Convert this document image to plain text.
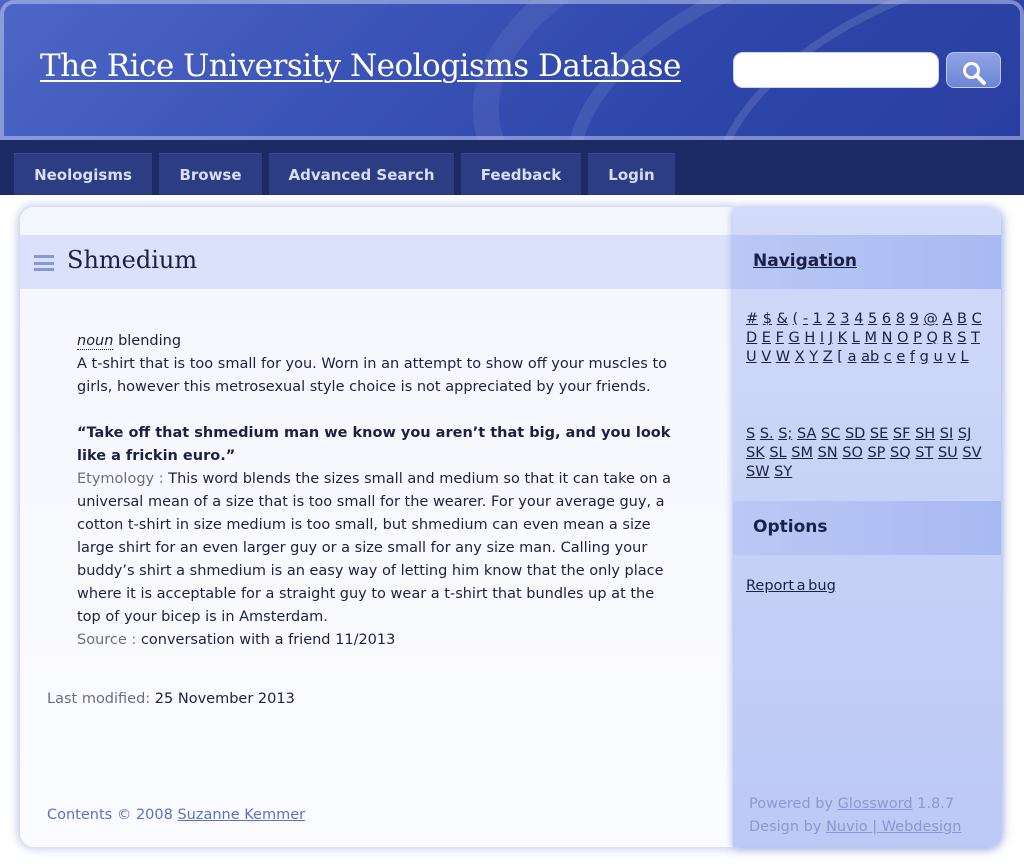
The Rice University Neologisms Database
Neologisms	Browse	Advanced Search	Feedback	Login
Shmedium

noun blending

A t-shirt that is too small for you. Worn in an attempt to show off your muscles to girls, however this metrosexual style choice is not appreciated by your friends.

“Take off that shmedium man we know you aren’t that big, and you look like a frickin euro.”

Etymology : This word blends the sizes small and medium so that it can take on a universal mean of a size that is too small for the wearer. For your average guy, a cotton t-shirt in size medium is too small, but shmedium can even mean a size large shirt for an even larger guy or a size small for any size man. Calling your buddy’s shirt a shmedium is an easy way of letting him know that the only place where it is acceptable for a straight guy to wear a t-shirt that bundles up at the top of your bicep is in Amsterdam.

Source : conversation with a friend 11/2013

Last modified: 25 November 2013
Contents © 2008 Suzanne Kemmer
Navigation
# $ & ( - 1 2 3 4 5 6 8 9 @ A B C D E F G H I J K L M N O P Q R S T U V W X Y Z [ a ab c e f g u v L
S S. S; SA SC SD SE SF SH SI SJ SK SL SM SN SO SP SQ ST SU SV SW SY
Options
Report a bug
Powered by Glossword 1.8.7
Design by Nuvio | Webdesign
